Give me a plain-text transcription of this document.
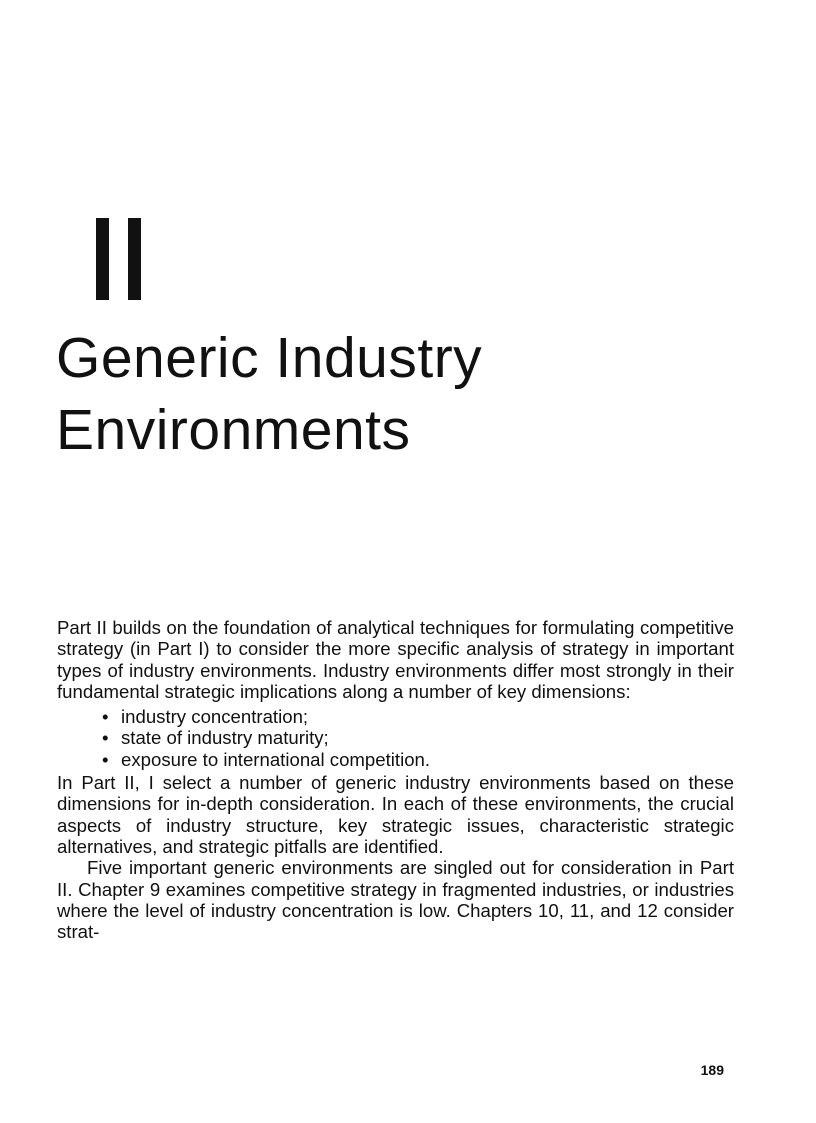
Generic Industry
Environments

Part II builds on the foundation of analytical techniques for formulating competitive strategy (in Part I) to consider the more specific analysis of strategy in important types of industry environments. Industry environments differ most strongly in their fundamental strategic implications along a number of key dimensions:

• industry concentration;
• state of industry maturity;
• exposure to international competition.

In Part II, I select a number of generic industry environments based on these dimensions for in-depth consideration. In each of these environments, the crucial aspects of industry structure, key strategic issues, characteristic strategic alternatives, and strategic pitfalls are identified.

Five important generic environments are singled out for consideration in Part II. Chapter 9 examines competitive strategy in fragmented industries, or industries where the level of industry concentration is low. Chapters 10, 11, and 12 consider strat-

189
